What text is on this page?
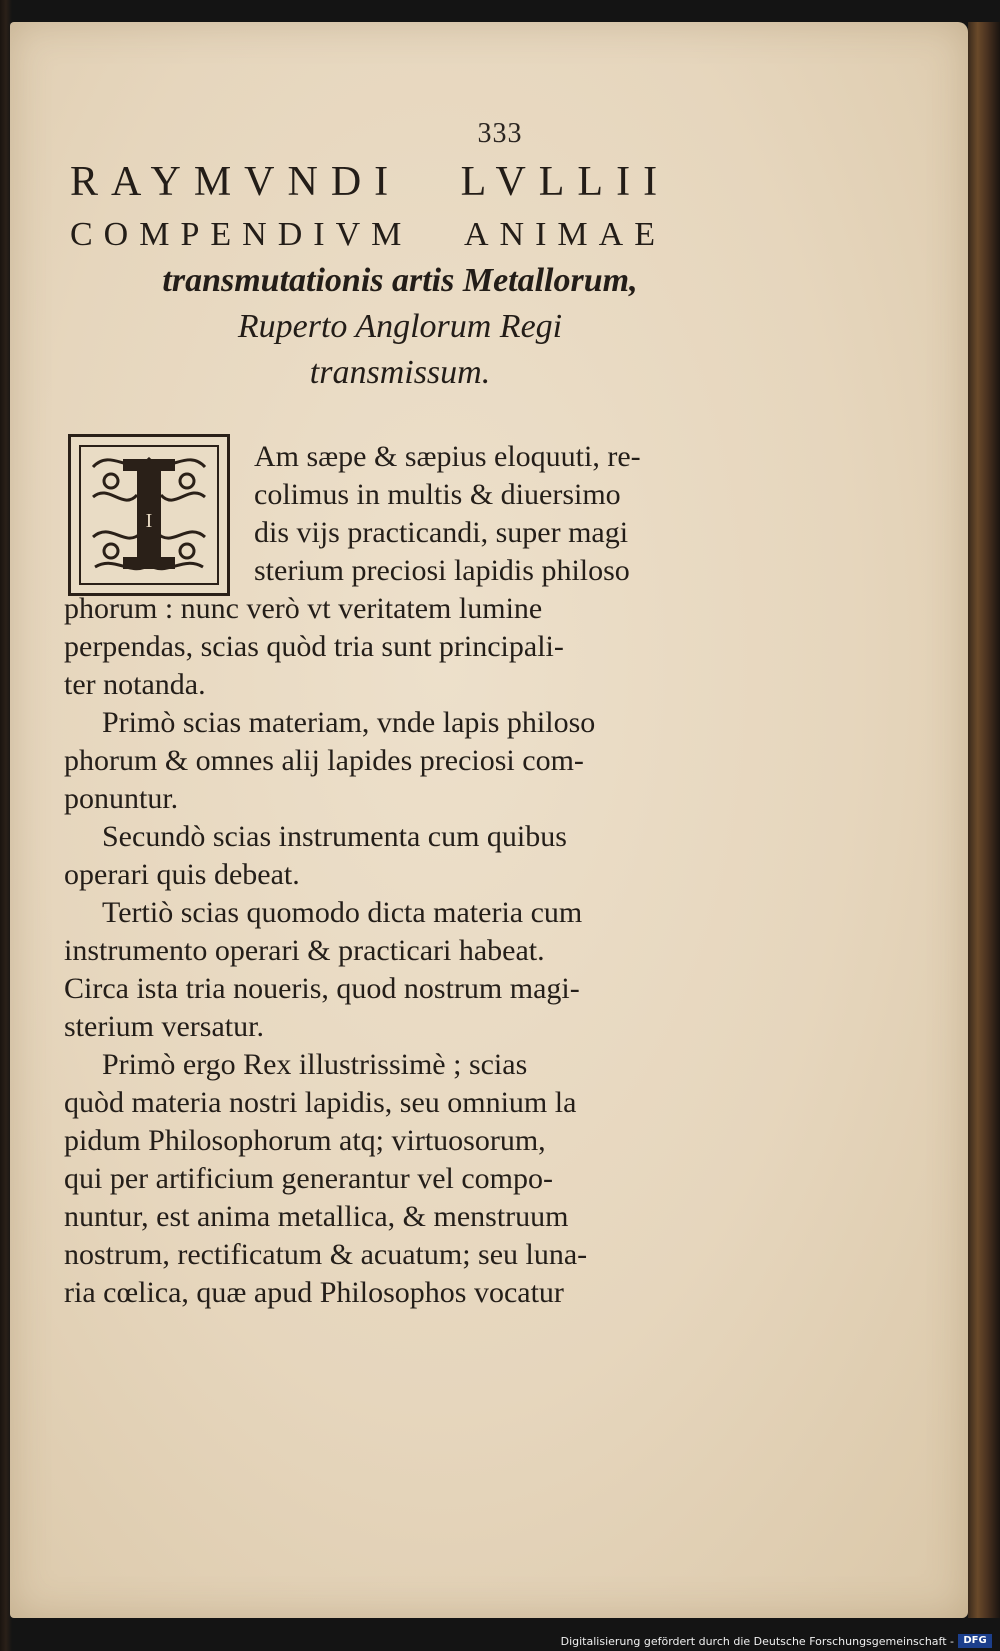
333
RAYMVNDI LVLLII
COMPENDIVM ANIMAE
transmutationis artis Metallorum,
Ruperto Anglorum Regi
transmissum.
I
Am sæpe & sæpius eloquuti, re-
colimus in multis & diuersimo
dis vijs practicandi, super magi
sterium preciosi lapidis philoso
phorum : nunc verò vt veritatem lumine
perpendas, scias quòd tria sunt principali-
ter notanda.
Primò scias materiam, vnde lapis philoso
phorum & omnes alij lapides preciosi com-
ponuntur.
Secundò scias instrumenta cum quibus
operari quis debeat.
Tertiò scias quomodo dicta materia cum
instrumento operari & practicari habeat.
Circa ista tria noueris, quod nostrum magi-
sterium versatur.
Primò ergo Rex illustrissimè ; scias
quòd materia nostri lapidis, seu omnium la
pidum Philosophorum atq; virtuosorum,
qui per artificium generantur vel compo-
nuntur, est anima metallica, & menstruum
nostrum, rectificatum & acuatum; seu luna-
ria cœlica, quæ apud Philosophos vocatur
Digitalisierung gefördert durch die Deutsche Forschungsgemeinschaft - DFG
